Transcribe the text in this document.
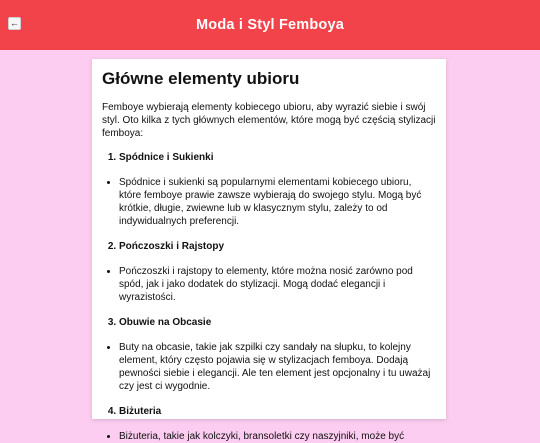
←	Moda i Styl Femboya
Główne elementy ubioru

Femboye wybierają elementy kobiecego ubioru, aby wyrazić siebie i swój styl. Oto kilka z tych głównych elementów, które mogą być częścią stylizacji femboya:

1. Spódnice i Sukienki
• Spódnice i sukienki są popularnymi elementami kobiecego ubioru, które femboye prawie zawsze wybierają do swojego stylu. Mogą być krótkie, długie, zwiewne lub w klasycznym stylu, zależy to od indywidualnych preferencji.
2. Pończoszki i Rajstopy
• Pończoszki i rajstopy to elementy, które można nosić zarówno pod spód, jak i jako dodatek do stylizacji. Mogą dodać elegancji i wyrazistości.
3. Obuwie na Obcasie
• Buty na obcasie, takie jak szpilki czy sandały na słupku, to kolejny element, który często pojawia się w stylizacjach femboya. Dodają pewności siebie i elegancji. Ale ten element jest opcjonalny i tu uważaj czy jest ci wygodnie.
4. Biżuteria
• Biżuteria, takie jak kolczyki, bransoletki czy naszyjniki, może być
